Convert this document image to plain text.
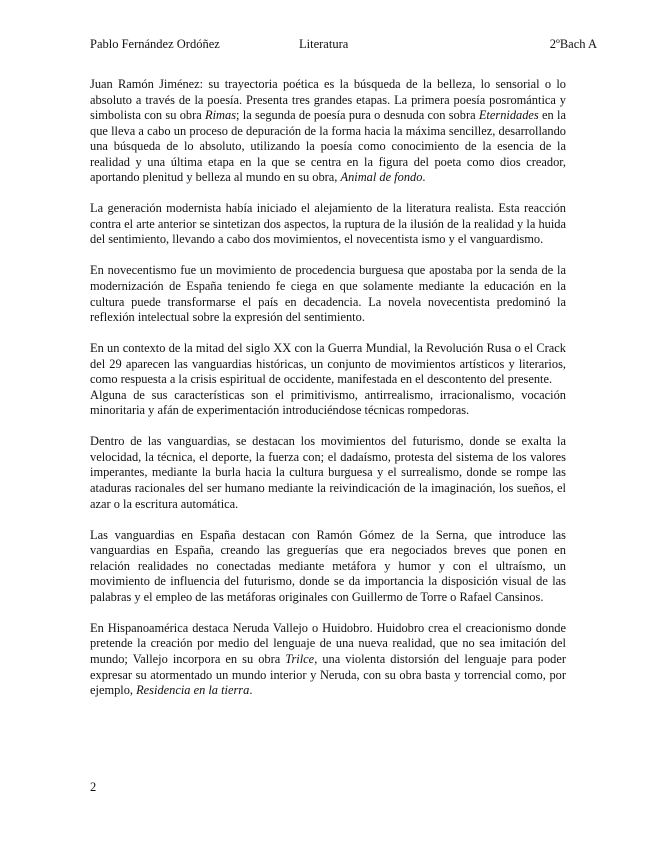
Pablo Fernández Ordóñez	Literatura	2ºBach A

Juan Ramón Jiménez: su trayectoria poética es la búsqueda de la belleza, lo sensorial o lo absoluto a través de la poesía. Presenta tres grandes etapas. La primera poesía posromántica y simbolista con su obra Rimas; la segunda de poesía pura o desnuda con sobra Eternidades en la que lleva a cabo un proceso de depuración de la forma hacia la máxima sencillez, desarrollando una búsqueda de lo absoluto, utilizando la poesía como conocimiento de la esencia de la realidad y una última etapa en la que se centra en la figura del poeta como dios creador, aportando plenitud y belleza al mundo en su obra, Animal de fondo.

La generación modernista había iniciado el alejamiento de la literatura realista. Esta reacción contra el arte anterior se sintetizan dos aspectos, la ruptura de la ilusión de la realidad y la huida del sentimiento, llevando a cabo dos movimientos, el novecentista ismo y el vanguardismo.

En novecentismo fue un movimiento de procedencia burguesa que apostaba por la senda de la modernización de España teniendo fe ciega en que solamente mediante la educación en la cultura puede transformarse el país en decadencia. La novela novecentista predominó la reflexión intelectual sobre la expresión del sentimiento.

En un contexto de la mitad del siglo XX con la Guerra Mundial, la Revolución Rusa o el Crack del 29 aparecen las vanguardias históricas, un conjunto de movimientos artísticos y literarios, como respuesta a la crisis espiritual de occidente, manifestada en el descontento del presente.

Alguna de sus características son el primitivismo, antirrealismo, irracionalismo, vocación minoritaria y afán de experimentación introduciéndose técnicas rompedoras.

Dentro de las vanguardias, se destacan los movimientos del futurismo, donde se exalta la velocidad, la técnica, el deporte, la fuerza con; el dadaísmo, protesta del sistema de los valores imperantes, mediante la burla hacia la cultura burguesa y el surrealismo, donde se rompe las ataduras racionales del ser humano mediante la reivindicación de la imaginación, los sueños, el azar o la escritura automática.

Las vanguardias en España destacan con Ramón Gómez de la Serna, que introduce las vanguardias en España, creando las greguerías que era negociados breves que ponen en relación realidades no conectadas mediante metáfora y humor y con el ultraísmo, un movimiento de influencia del futurismo, donde se da importancia la disposición visual de las palabras y el empleo de las metáforas originales con Guillermo de Torre o Rafael Cansinos.

En Hispanoamérica destaca Neruda Vallejo o Huidobro. Huidobro crea el creacionismo donde pretende la creación por medio del lenguaje de una nueva realidad, que no sea imitación del mundo; Vallejo incorpora en su obra Trilce, una violenta distorsión del lenguaje para poder expresar su atormentado un mundo interior y Neruda, con su obra basta y torrencial como, por ejemplo, Residencia en la tierra.

2
